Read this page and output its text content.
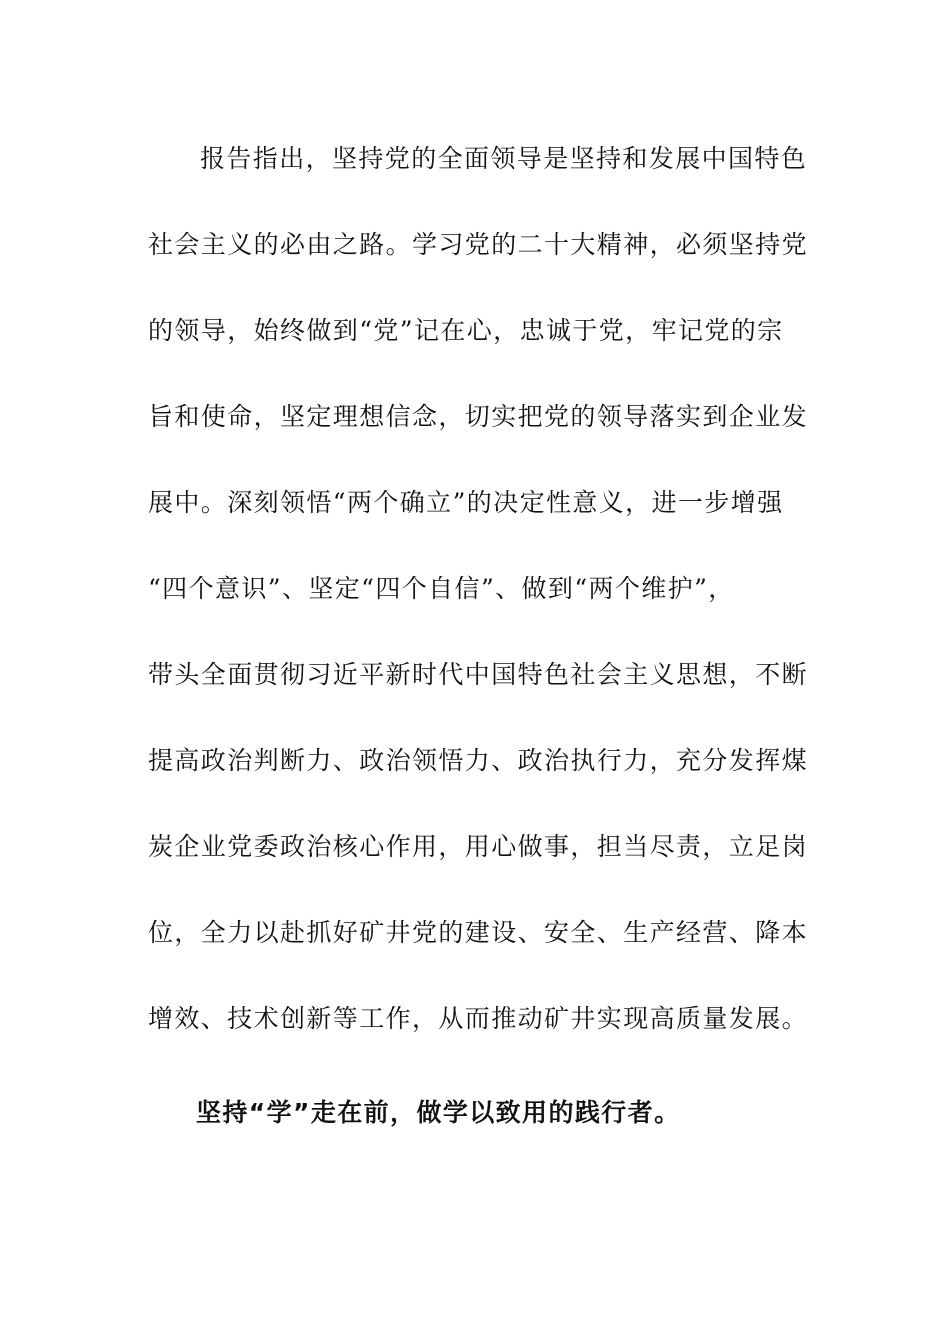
报告指出，坚持党的全面领导是坚持和发展中国特色
社会主义的必由之路。学习党的二十大精神，必须坚持党
的领导，始终做到“党”记在心，忠诚于党，牢记党的宗
旨和使命，坚定理想信念，切实把党的领导落实到企业发
展中。深刻领悟“两个确立”的决定性意义，进一步增强
“四个意识”、坚定“四个自信”、做到“两个维护”，
带头全面贯彻习近平新时代中国特色社会主义思想，不断
提高政治判断力、政治领悟力、政治执行力，充分发挥煤
炭企业党委政治核心作用，用心做事，担当尽责，立足岗
位，全力以赴抓好矿井党的建设、安全、生产经营、降本
增效、技术创新等工作，从而推动矿井实现高质量发展。
坚持“学”走在前，做学以致用的践行者。
